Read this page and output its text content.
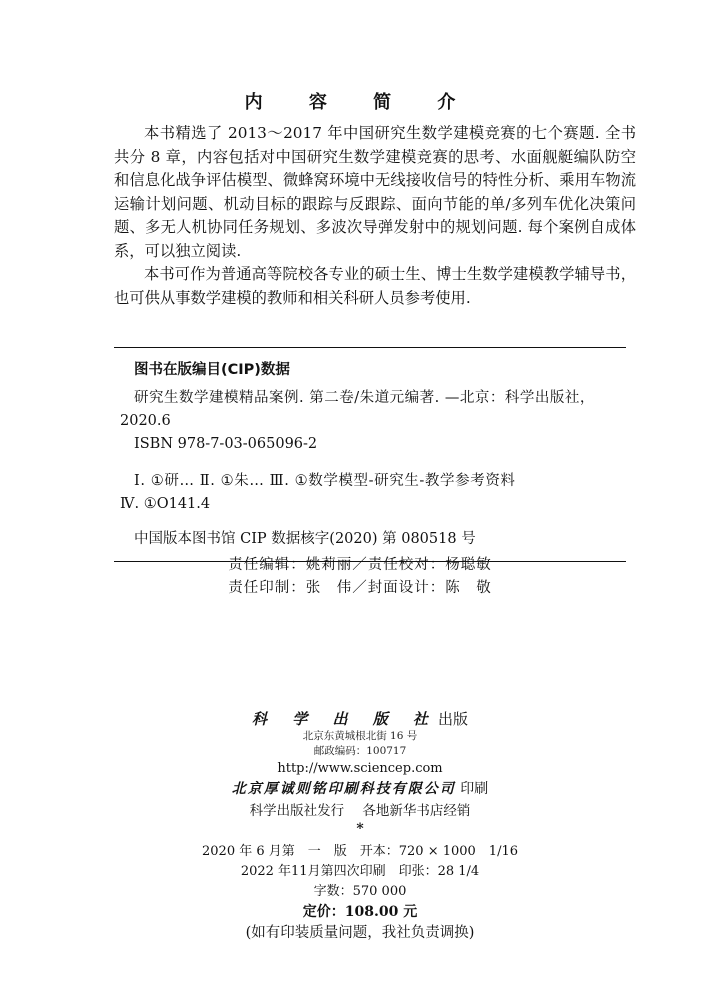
内 容 简 介

本书精选了 2013～2017 年中国研究生数学建模竞赛的七个赛题. 全书共分 8 章，内容包括对中国研究生数学建模竞赛的思考、水面舰艇编队防空和信息化战争评估模型、微蜂窝环境中无线接收信号的特性分析、乘用车物流运输计划问题、机动目标的跟踪与反跟踪、面向节能的单/多列车优化决策问题、多无人机协同任务规划、多波次导弹发射中的规划问题. 每个案例自成体系，可以独立阅读.

本书可作为普通高等院校各专业的硕士生、博士生数学建模教学辅导书，也可供从事数学建模的教师和相关科研人员参考使用.

图书在版编目(CIP)数据
研究生数学建模精品案例. 第二卷/朱道元编著. —北京：科学出版社，
2020.6
ISBN 978-7-03-065096-2
Ⅰ. ①研… Ⅱ. ①朱… Ⅲ. ①数学模型-研究生-教学参考资料
Ⅳ. ①O141.4
中国版本图书馆 CIP 数据核字(2020) 第 080518 号
责任编辑：姚莉丽／责任校对：杨聪敏
责任印制：张　伟／封面设计：陈　敬
科 学 出 版 社出版
北京东黄城根北街 16 号
邮政编码：100717
http://www.sciencep.com
北京厚诚则铭印刷科技有限公司 印刷
科学出版社发行 各地新华书店经销
*
2020 年 6 月第　一　版　开本：720 × 1000　1/16
2022 年11月第四次印刷　印张：28 1/4
字数：570 000
定价：108.00 元
(如有印装质量问题，我社负责调换)
